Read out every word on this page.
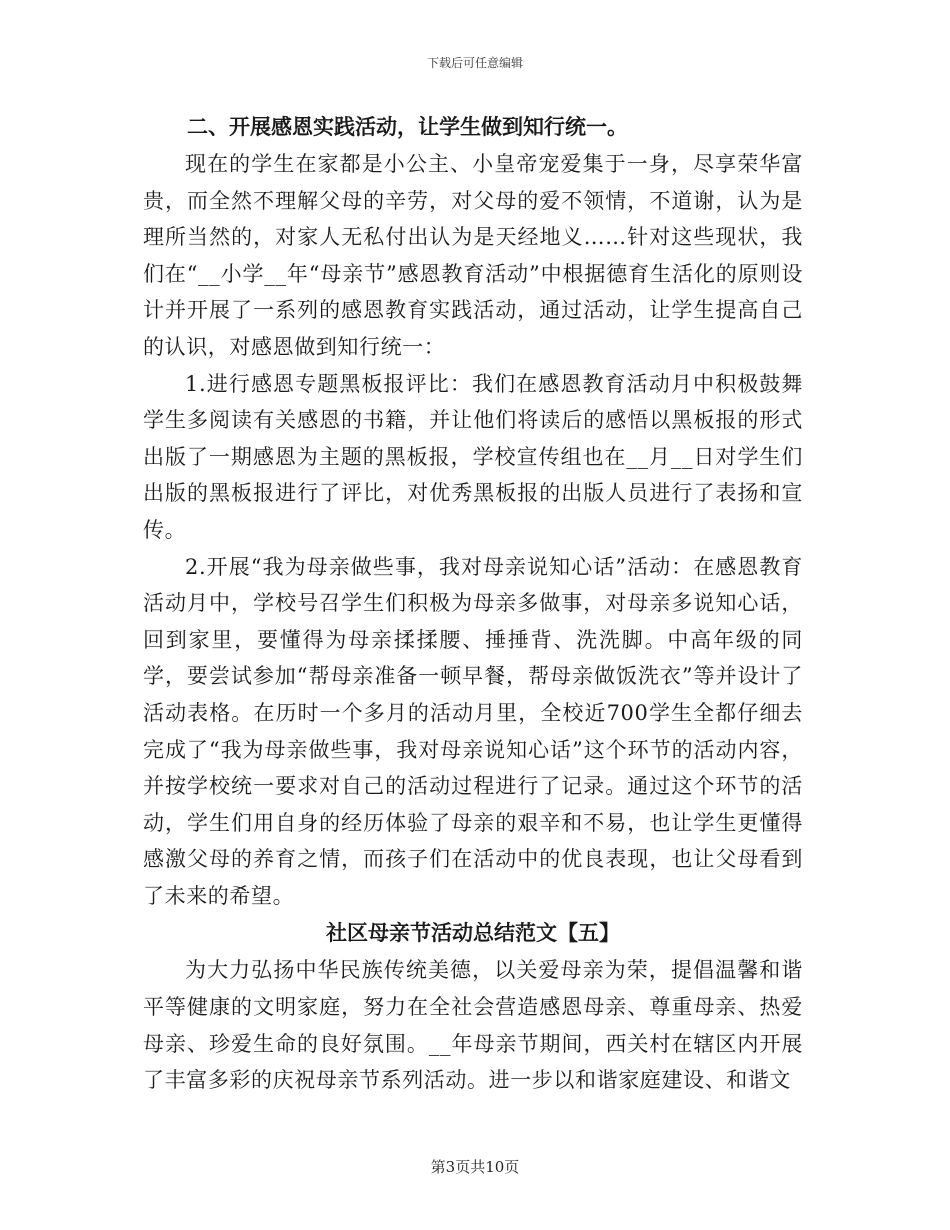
下载后可任意编辑

二、开展感恩实践活动，让学生做到知行统一。

现在的学生在家都是小公主、小皇帝宠爱集于一身，尽享荣华富贵，而全然不理解父母的辛劳，对父母的爱不领情，不道谢，认为是理所当然的，对家人无私付出认为是天经地义……针对这些现状，我们在“__小学__年“母亲节”感恩教育活动”中根据德育生活化的原则设计并开展了一系列的感恩教育实践活动，通过活动，让学生提高自己的认识，对感恩做到知行统一：

1.进行感恩专题黑板报评比：我们在感恩教育活动月中积极鼓舞学生多阅读有关感恩的书籍，并让他们将读后的感悟以黑板报的形式出版了一期感恩为主题的黑板报，学校宣传组也在__月__日对学生们出版的黑板报进行了评比，对优秀黑板报的出版人员进行了表扬和宣传。

2.开展“我为母亲做些事，我对母亲说知心话”活动：在感恩教育活动月中，学校号召学生们积极为母亲多做事，对母亲多说知心话，回到家里，要懂得为母亲揉揉腰、捶捶背、洗洗脚。中高年级的同学，要尝试参加“帮母亲准备一顿早餐，帮母亲做饭洗衣”等并设计了活动表格。在历时一个多月的活动月里，全校近700学生全都仔细去完成了“我为母亲做些事，我对母亲说知心话”这个环节的活动内容，并按学校统一要求对自己的活动过程进行了记录。通过这个环节的活动，学生们用自身的经历体验了母亲的艰辛和不易，也让学生更懂得感激父母的养育之情，而孩子们在活动中的优良表现，也让父母看到了未来的希望。

社区母亲节活动总结范文【五】

为大力弘扬中华民族传统美德，以关爱母亲为荣，提倡温馨和谐平等健康的文明家庭，努力在全社会营造感恩母亲、尊重母亲、热爱母亲、珍爱生命的良好氛围。__年母亲节期间，西关村在辖区内开展了丰富多彩的庆祝母亲节系列活动。进一步以和谐家庭建设、和谐文

第3页共10页
